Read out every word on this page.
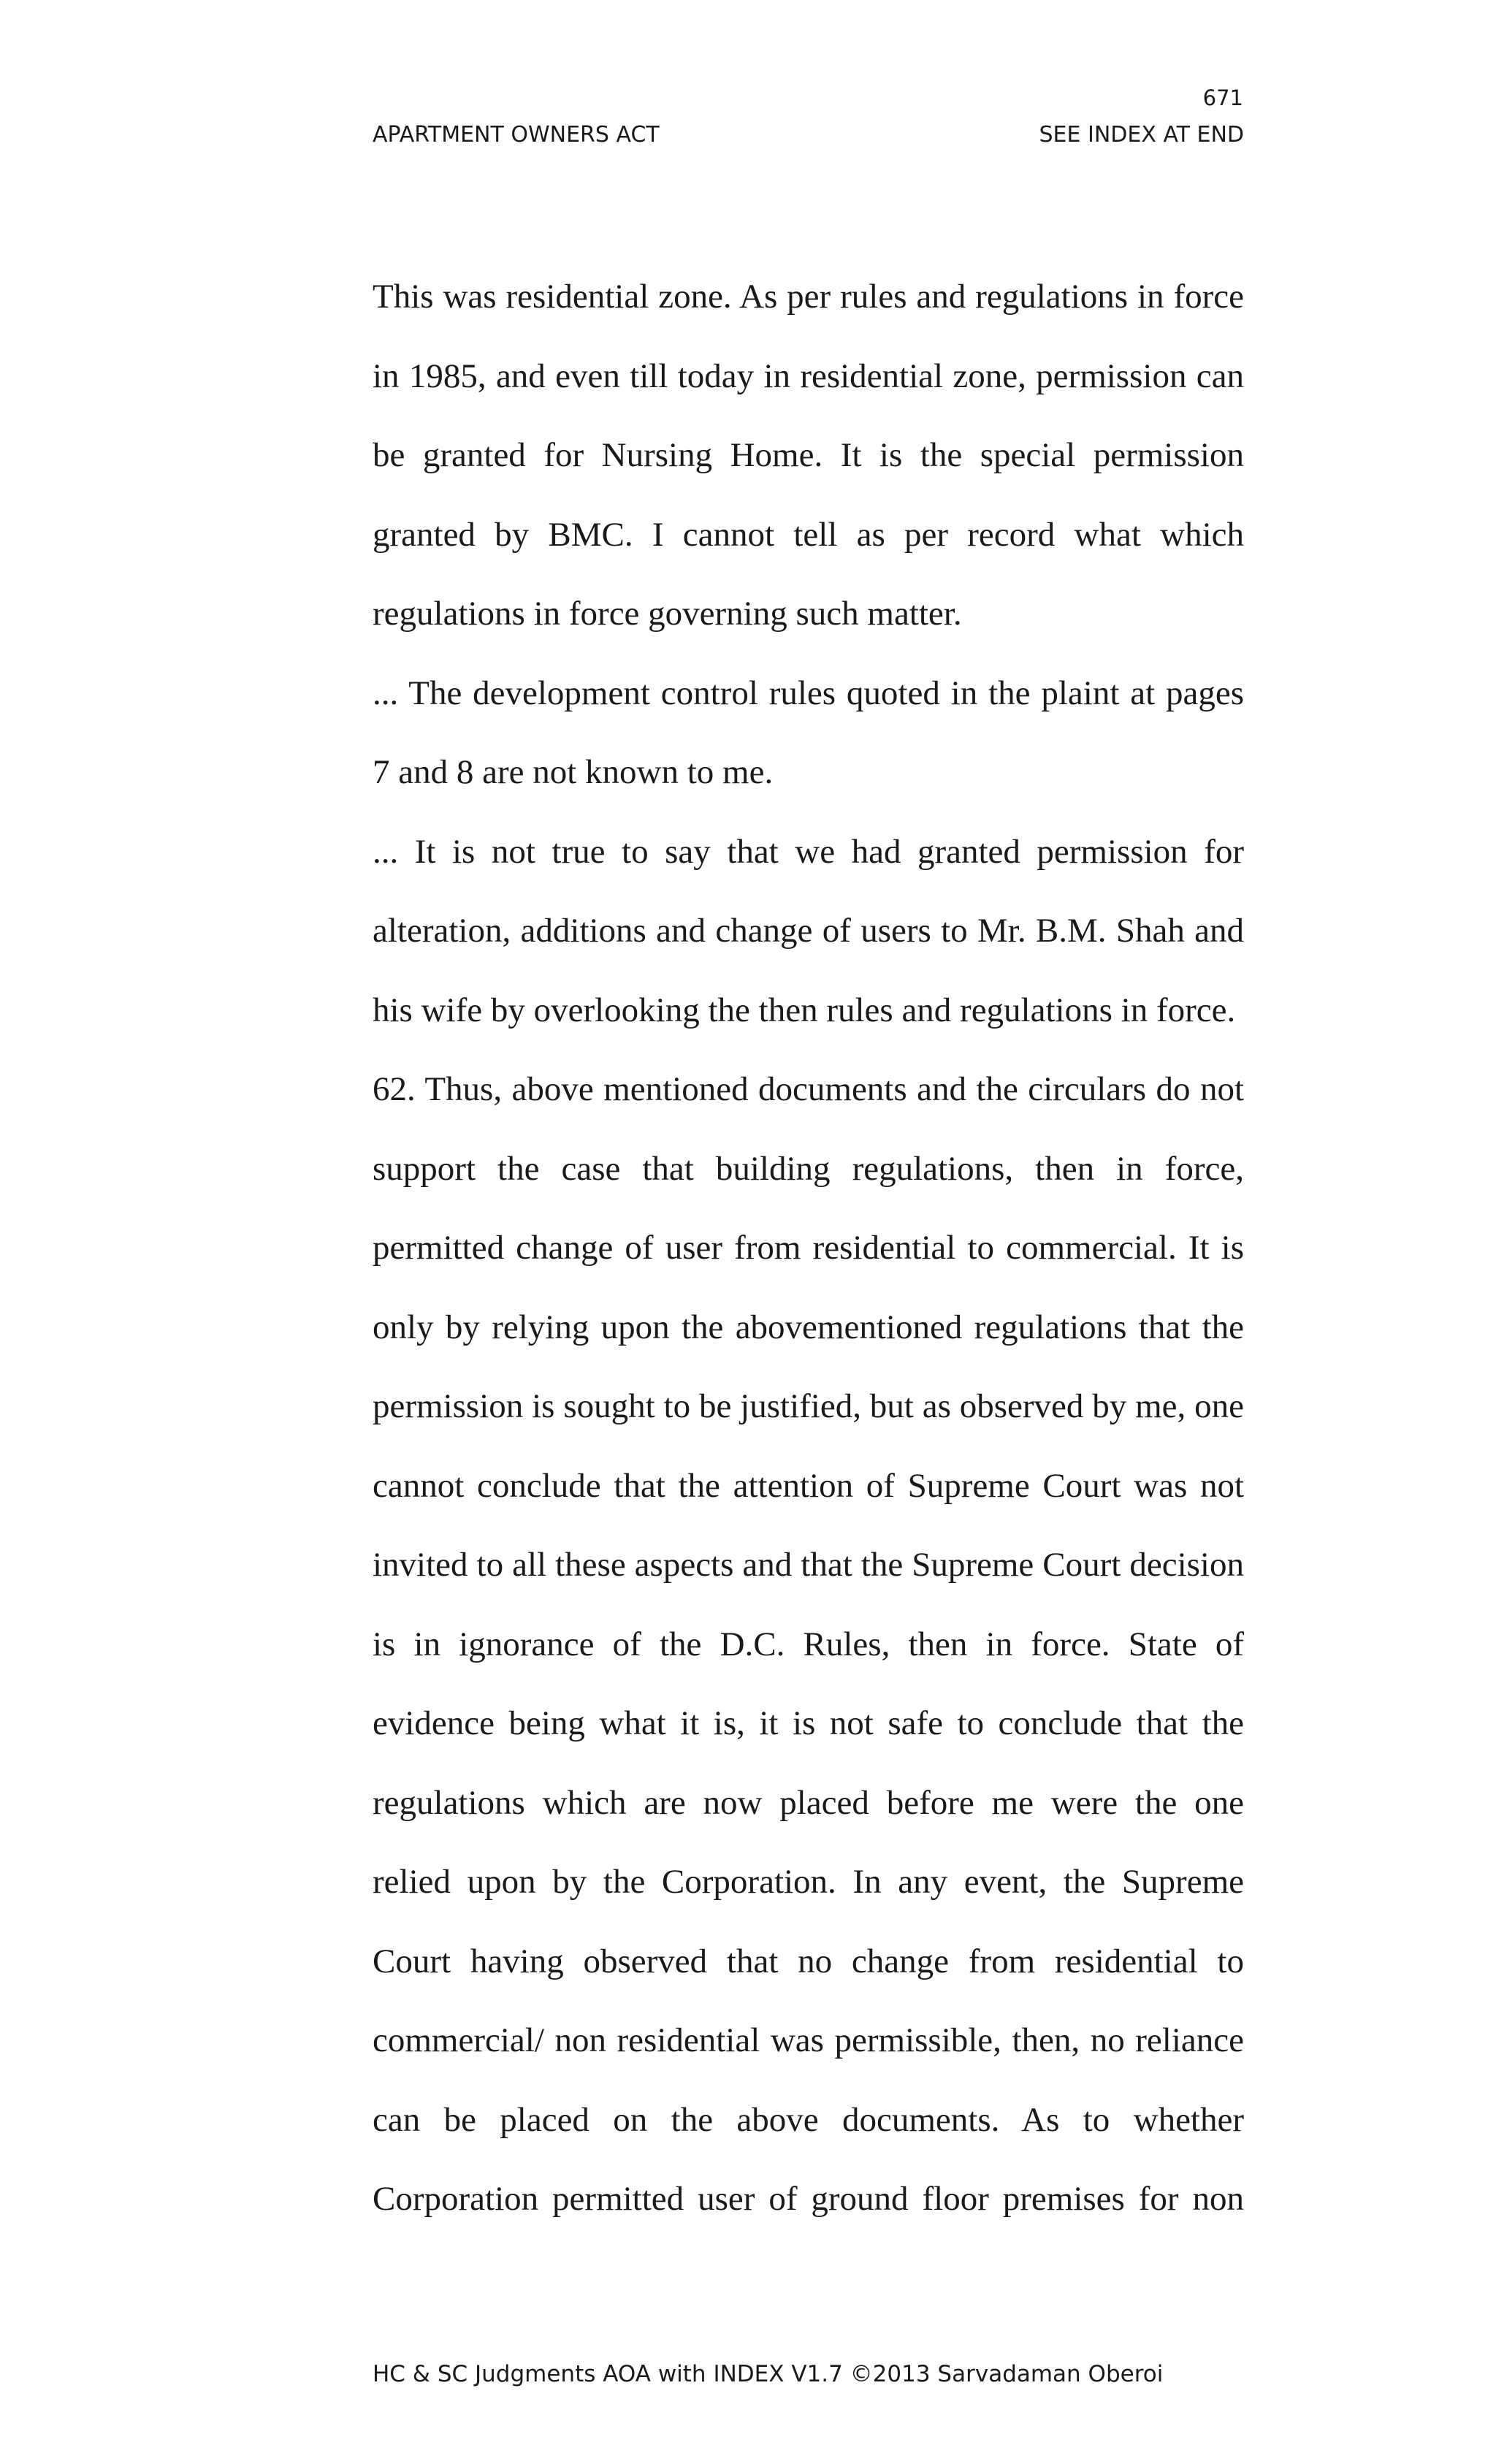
671
APARTMENT OWNERS ACT	SEE INDEX AT END

This was residential zone. As per rules and regulations in force in 1985, and even till today in residential zone, permission can be granted for Nursing Home. It is the special permission granted by BMC. I cannot tell as per record what which regulations in force governing such matter.

... The development control rules quoted in the plaint at pages 7 and 8 are not known to me.

... It is not true to say that we had granted permission for alteration, additions and change of users to Mr. B.M. Shah and his wife by overlooking the then rules and regulations in force.

62. Thus, above mentioned documents and the circulars do not support the case that building regulations, then in force, permitted change of user from residential to commercial. It is only by relying upon the abovementioned regulations that the permission is sought to be justified, but as observed by me, one cannot conclude that the attention of Supreme Court was not invited to all these aspects and that the Supreme Court decision is in ignorance of the D.C. Rules, then in force. State of evidence being what it is, it is not safe to conclude that the regulations which are now placed before me were the one relied upon by the Corporation. In any event, the Supreme Court having observed that no change from residential to commercial/ non residential was permissible, then, no reliance can be placed on the above documents. As to whether Corporation permitted user of ground floor premises for non

HC & SC Judgments AOA with INDEX V1.7 ©2013 Sarvadaman Oberoi
